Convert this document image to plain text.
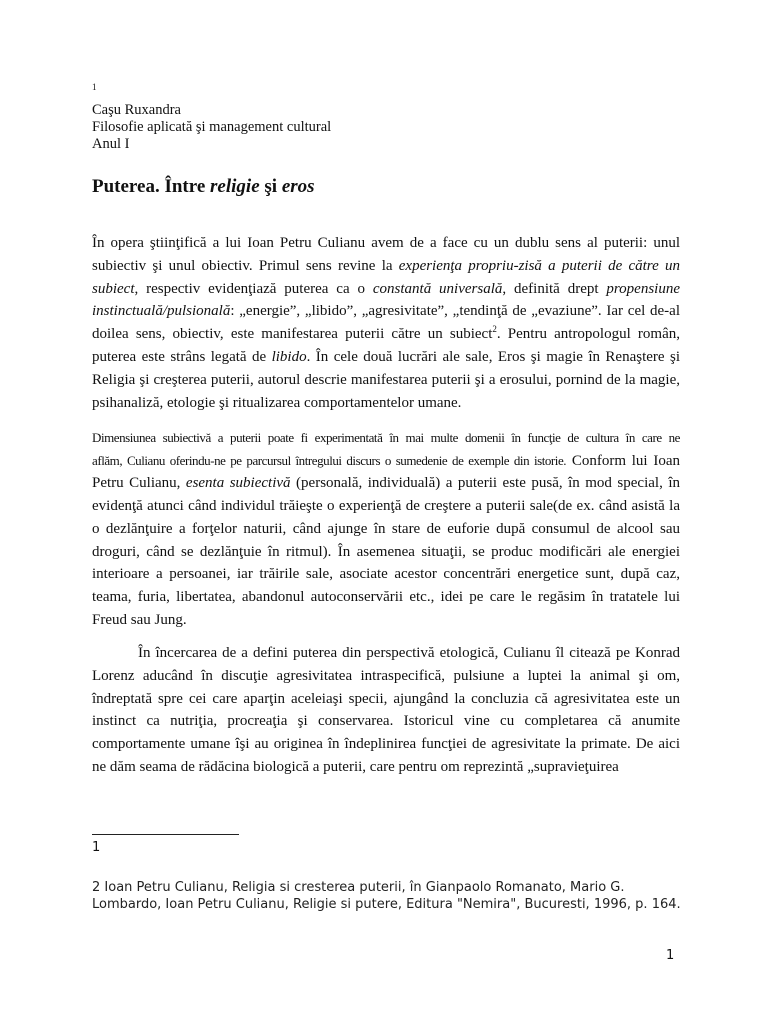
1
Caşu Ruxandra
Filosofie aplicată şi management cultural
Anul I
Puterea. Între religie şi eros

În opera ştiinţifică a lui Ioan Petru Culianu avem de a face cu un dublu sens al puterii: unul subiectiv şi unul obiectiv. Primul sens revine la experienţa propriu-zisă a puterii de către un subiect, respectiv evidenţiază puterea ca o constantă universală, definită drept propensiune instinctuală/pulsională: „energie”, „libido”, „agresivitate”, „tendinţă de „evaziune”. Iar cel de-al doilea sens, obiectiv, este manifestarea puterii către un subiect$^2$. Pentru antropologul român, puterea este strâns legată de libido. În cele două lucrări ale sale, Eros şi magie în Renaştere şi Religia şi creşterea puterii, autorul descrie manifestarea puterii şi a erosului, pornind de la magie, psihanaliză, etologie şi ritualizarea comportamentelor umane.

Dimensiunea subiectivă a puterii poate fi experimentată în mai multe domenii în funcţie de cultura în care ne
aflăm, Culianu oferindu-ne pe parcursul întregului discurs o sumedenie de exemple din istorie. Conform lui Ioan Petru Culianu, esenta subiectivă (personală, individuală) a puterii este pusă, în mod special, în evidenţă atunci când individul trăieşte o experienţă de creştere a puterii sale(de ex. când asistă la o dezlănţuire a forţelor naturii, când ajunge în stare de euforie după consumul de alcool sau droguri, când se dezlănţuie în ritmul). În asemenea situaţii, se produc modificări ale energiei interioare a persoanei, iar trăirile sale, asociate acestor concentrări energetice sunt, după caz, teama, furia, libertatea, abandonul autoconservării etc., idei pe care le regăsim în tratatele lui Freud sau Jung.

În încercarea de a defini puterea din perspectivă etologică, Culianu îl citează pe Konrad Lorenz aducând în discuţie agresivitatea intraspecifică, pulsiune a luptei la animal şi om, îndreptată spre cei care aparţin aceleiaşi specii, ajungând la concluzia că agresivitatea este un instinct ca nutriţia, procreaţia şi conservarea. Istoricul vine cu completarea că anumite comportamente umane îşi au originea în îndeplinirea funcţiei de agresivitate la primate. De aici ne dăm seama de rădăcina biologică a puterii, care pentru om reprezintă „supravieţuirea

1
2 Ioan Petru Culianu, Religia si cresterea puterii, în Gianpaolo Romanato, Mario G. Lombardo, Ioan Petru Culianu, Religie si putere, Editura "Nemira", Bucuresti, 1996, p. 164.
1
